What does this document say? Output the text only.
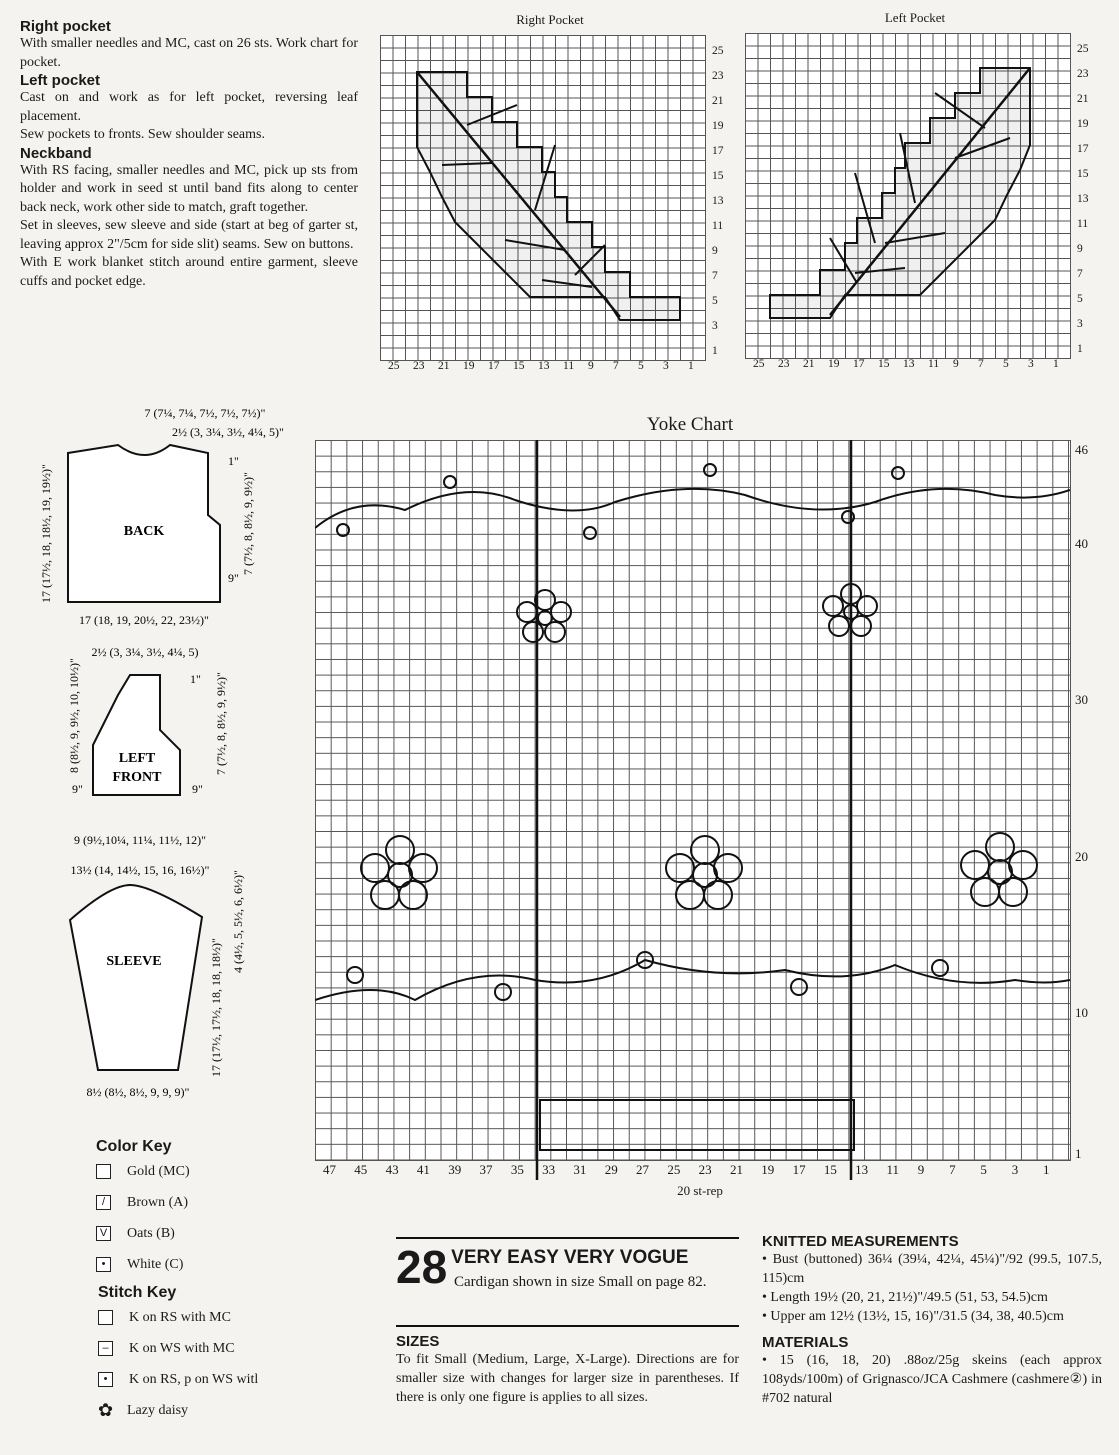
Right pocket

With smaller needles and MC, cast on 26 sts. Work chart for pocket.

Left pocket

Cast on and work as for left pocket, reversing leaf placement.
Sew pockets to fronts. Sew shoulder seams.

Neckband

With RS facing, smaller needles and MC, pick up sts from holder and work in seed st until band fits along to center back neck, work other side to match, graft together.
Set in sleeves, sew sleeve and side (start at beg of garter st, leaving approx 2"/5cm for side slit) seams. Sew on buttons.
With E work blanket stitch around entire garment, sleeve cuffs and pocket edge.

Right Pocket
25
23
21
19
17
15
13
11
9
7
5
3
1
25 23 21 19 17 15 13 11 9 7 5 3 1
Left Pocket
25
23
21
19
17
15
13
11
9
7
5
3
1
25 23 21 19 17 15 13 11 9 7 5 3 1
BACK
7 (7¼, 7¼, 7½, 7½, 7½)"
2½ (3, 3¼, 3½, 4¼, 5)"
1"
9"
17 (17½, 18, 18½, 19, 19½)"	7 (7½, 8, 8½, 9, 9½)"
17 (18, 19, 20½, 22, 23½)"
LEFT
FRONT
2½ (3, 3¼, 3½, 4¼, 5)
1"
8 (8½, 9, 9½, 10, 10½)"	7 (7½, 8, 8½, 9, 9½)"
9"	9"
9 (9½,10¼, 11¼, 11½, 12)"
SLEEVE
13½ (14, 14½, 15, 16, 16½)"
4 (4½, 5, 5½, 6, 6½)"
17 (17½, 17½, 18, 18, 18½)"
8½ (8½, 8½, 9, 9, 9)"
Yoke Chart
46
40
30
20
10
1
47 45 43 41 39 37 35 33 31 29 27 25 23 21 19 17 15 13 11 9 7 5 3 1
20 st-rep
Color Key
Gold (MC)
/	Brown (A)
V Oats (B)
•	White (C)
Stitch Key
K on RS with MC
–	K on WS with MC
•	K on RS, p on WS witl
✿ Lazy daisy
28 VERY EASY VERY VOGUE
Cardigan shown in size Small on page 82.
SIZES
To fit Small (Medium, Large, X-Large). Directions are for smaller size with changes for larger size in parentheses. If there is only one figure is applies to all sizes.
KNITTED MEASUREMENTS

• Bust (buttoned) 36¼ (39¼, 42¼, 45¼)"/92 (99.5, 107.5, 115)cm

• Length 19½ (20, 21, 21½)"/49.5 (51, 53, 54.5)cm

• Upper am 12½ (13½, 15, 16)"/31.5 (34, 38, 40.5)cm

MATERIALS

• 15 (16, 18, 20) .88oz/25g skeins (each approx 108yds/100m) of Grignasco/JCA Cashmere (cashmere②) in #702 natural
